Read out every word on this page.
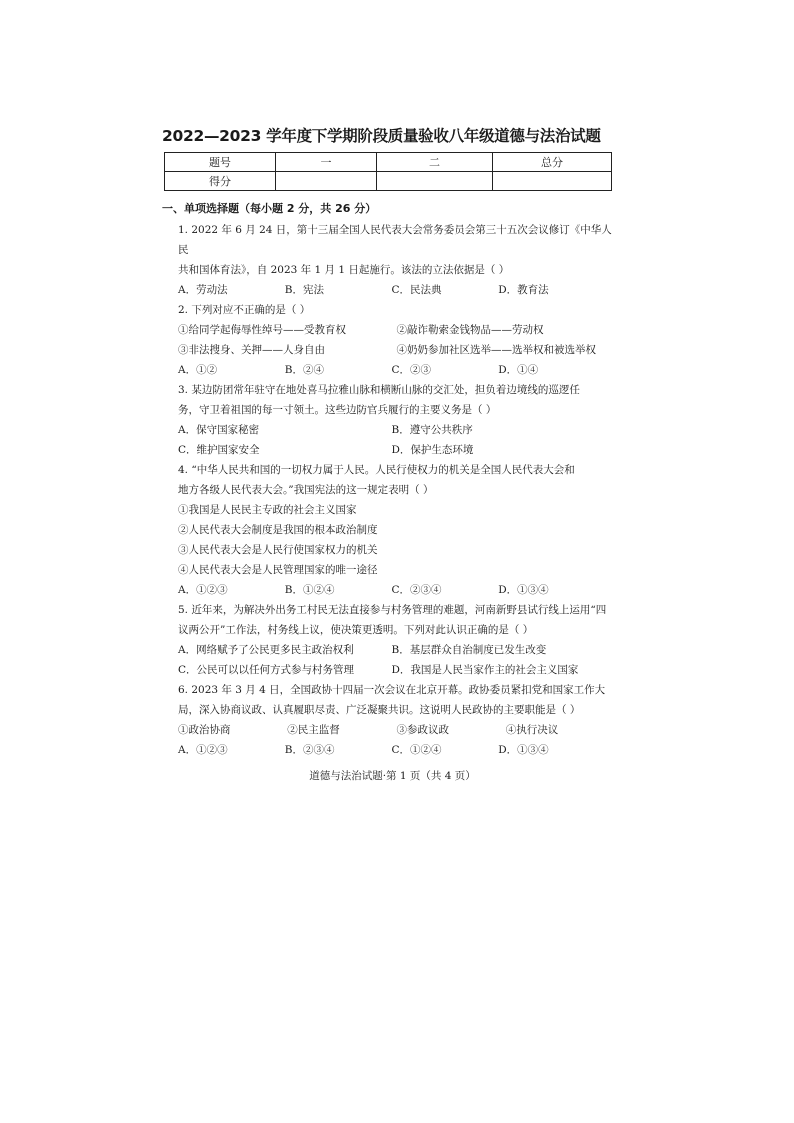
2022—2023 学年度下学期阶段质量验收八年级道德与法治试题
题号	一	二	总分
得分			
一、单项选择题（每小题 2 分，共 26 分）
1. 2022 年 6 月 24 日，第十三届全国人民代表大会常务委员会第三十五次会议修订《中华人民
共和国体育法》，自 2023 年 1 月 1 日起施行。该法的立法依据是（ ）
A．劳动法	B．宪法	C．民法典	D．教育法
2. 下列对应不正确的是（ ）
①给同学起侮辱性绰号——受教育权	②敲诈勒索金钱物品——劳动权
③非法搜身、关押——人身自由	④奶奶参加社区选举——选举权和被选举权
A．①②	B．②④	C．②③	D．①④
3. 某边防团常年驻守在地处喜马拉雅山脉和横断山脉的交汇处，担负着边境线的巡逻任
务，守卫着祖国的每一寸领土。这些边防官兵履行的主要义务是（ ）
A．保守国家秘密	B．遵守公共秩序
C．维护国家安全	D．保护生态环境
4. “中华人民共和国的一切权力属于人民。人民行使权力的机关是全国人民代表大会和
地方各级人民代表大会。”我国宪法的这一规定表明（ ）
①我国是人民民主专政的社会主义国家
②人民代表大会制度是我国的根本政治制度
③人民代表大会是人民行使国家权力的机关
④人民代表大会是人民管理国家的唯一途径
A．①②③	B．①②④	C．②③④	D．①③④
5. 近年来，为解决外出务工村民无法直接参与村务管理的难题，河南新野县试行线上运用“四
议两公开”工作法，村务线上议，使决策更透明。下列对此认识正确的是（ ）
A．网络赋予了公民更多民主政治权利	B．基层群众自治制度已发生改变
C．公民可以以任何方式参与村务管理	D．我国是人民当家作主的社会主义国家
6. 2023 年 3 月 4 日，全国政协十四届一次会议在北京开幕。政协委员紧扣党和国家工作大
局，深入协商议政、认真履职尽责、广泛凝聚共识。这说明人民政协的主要职能是（ ）
①政治协商	②民主监督	③参政议政	④执行决议
A．①②③	B．②③④	C．①②④	D．①③④
道德与法治试题·第 1 页（共 4 页）
